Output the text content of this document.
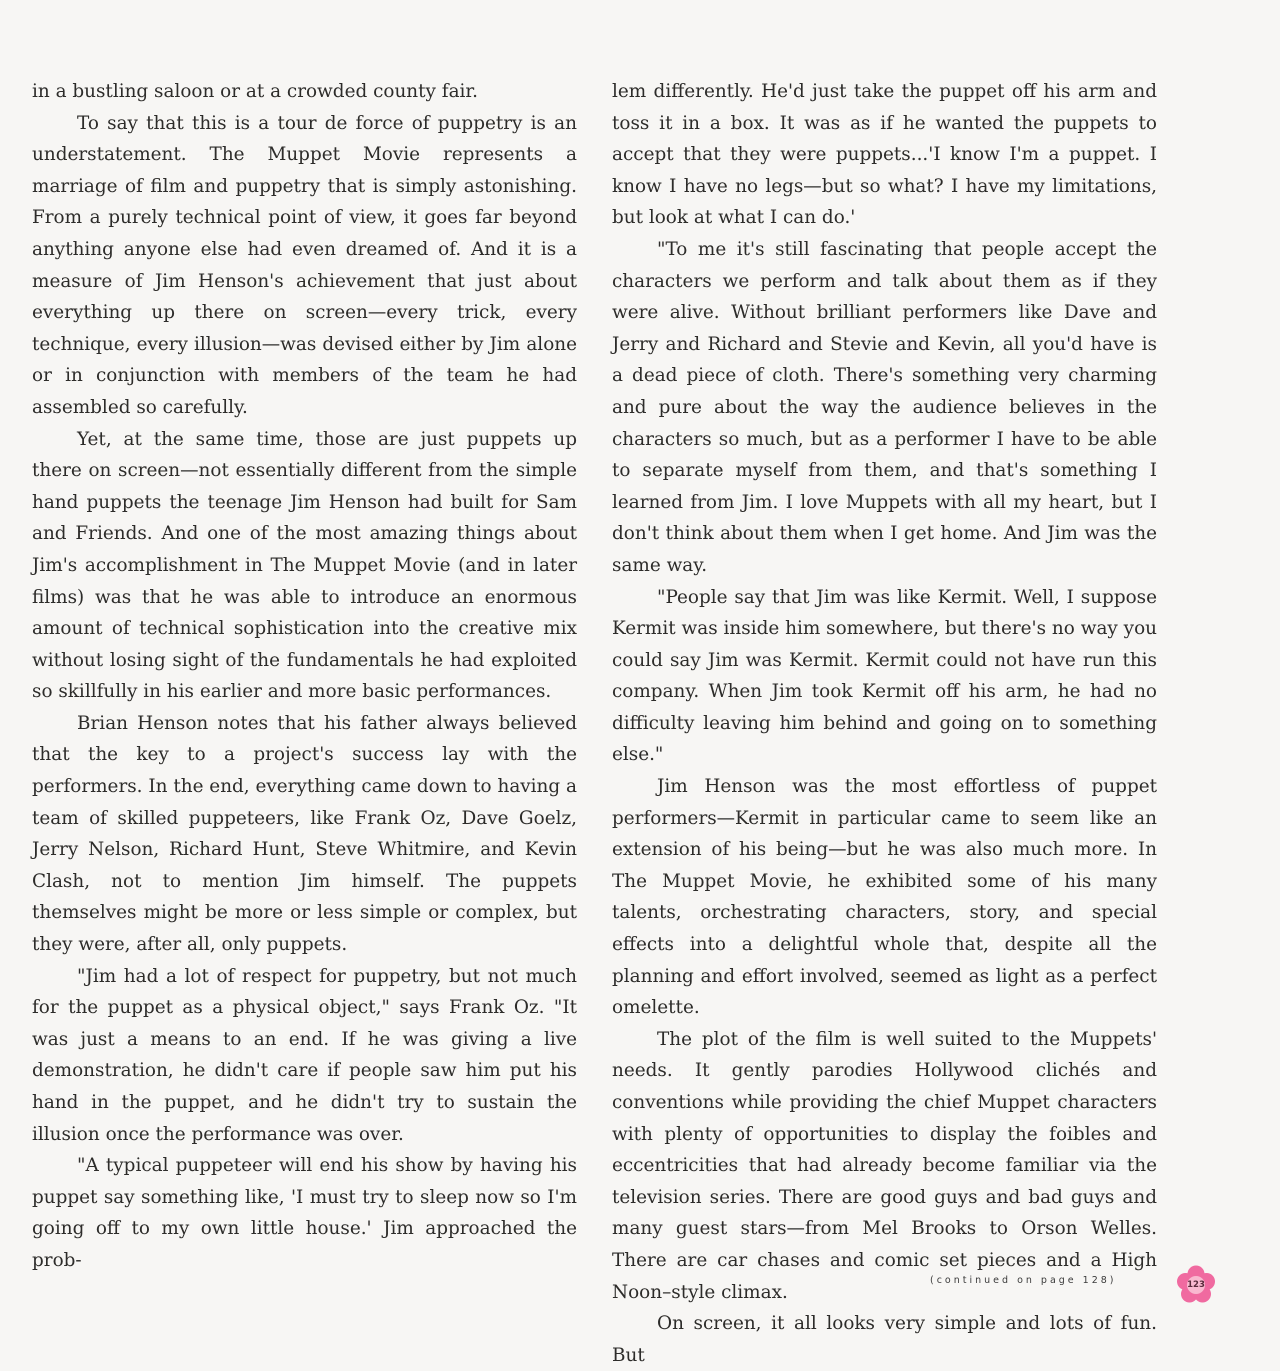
in a bustling saloon or at a crowded county fair.

To say that this is a tour de force of puppetry is an understatement. The Muppet Movie represents a marriage of film and puppetry that is simply astonishing. From a purely technical point of view, it goes far beyond anything anyone else had even dreamed of. And it is a measure of Jim Henson's achievement that just about everything up there on screen—every trick, every technique, every illusion—was devised either by Jim alone or in conjunction with members of the team he had assembled so carefully.

Yet, at the same time, those are just puppets up there on screen—not essentially different from the simple hand puppets the teenage Jim Henson had built for Sam and Friends. And one of the most amazing things about Jim's accomplishment in The Muppet Movie (and in later films) was that he was able to introduce an enormous amount of technical sophistication into the creative mix without losing sight of the fundamentals he had exploited so skillfully in his earlier and more basic performances.

Brian Henson notes that his father always believed that the key to a project's success lay with the performers. In the end, everything came down to having a team of skilled puppeteers, like Frank Oz, Dave Goelz, Jerry Nelson, Richard Hunt, Steve Whitmire, and Kevin Clash, not to mention Jim himself. The puppets themselves might be more or less simple or complex, but they were, after all, only puppets.

"Jim had a lot of respect for puppetry, but not much for the puppet as a physical object," says Frank Oz. "It was just a means to an end. If he was giving a live demonstration, he didn't care if people saw him put his hand in the puppet, and he didn't try to sustain the illusion once the performance was over.

"A typical puppeteer will end his show by having his puppet say something like, 'I must try to sleep now so I'm going off to my own little house.' Jim approached the prob-

lem differently. He'd just take the puppet off his arm and toss it in a box. It was as if he wanted the puppets to accept that they were puppets...'I know I'm a puppet. I know I have no legs—but so what? I have my limitations, but look at what I can do.'

"To me it's still fascinating that people accept the characters we perform and talk about them as if they were alive. Without brilliant performers like Dave and Jerry and Richard and Stevie and Kevin, all you'd have is a dead piece of cloth. There's something very charming and pure about the way the audience believes in the characters so much, but as a performer I have to be able to separate myself from them, and that's something I learned from Jim. I love Muppets with all my heart, but I don't think about them when I get home. And Jim was the same way.

"People say that Jim was like Kermit. Well, I suppose Kermit was inside him somewhere, but there's no way you could say Jim was Kermit. Kermit could not have run this company. When Jim took Kermit off his arm, he had no difficulty leaving him behind and going on to something else."

Jim Henson was the most effortless of puppet performers—Kermit in particular came to seem like an extension of his being—but he was also much more. In The Muppet Movie, he exhibited some of his many talents, orchestrating characters, story, and special effects into a delightful whole that, despite all the planning and effort involved, seemed as light as a perfect omelette.

The plot of the film is well suited to the Muppets' needs. It gently parodies Hollywood clichés and conventions while providing the chief Muppet characters with plenty of opportunities to display the foibles and eccentricities that had already become familiar via the television series. There are good guys and bad guys and many guest stars—from Mel Brooks to Orson Welles. There are car chases and comic set pieces and a High Noon–style climax.

On screen, it all looks very simple and lots of fun. But

(continued on page 128)	123
